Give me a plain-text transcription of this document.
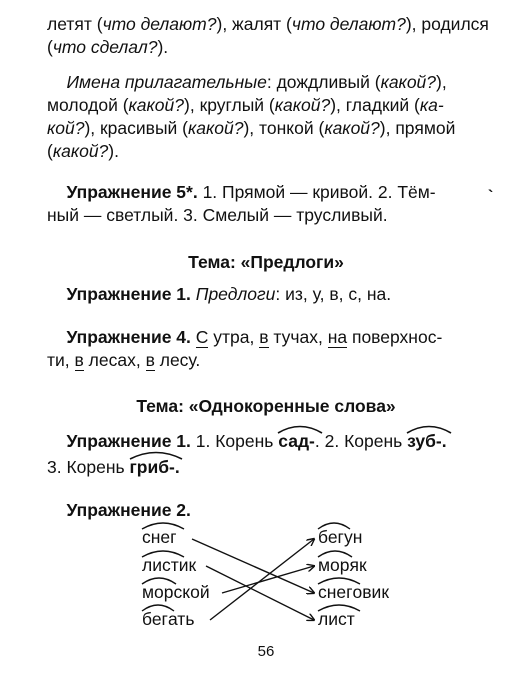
летят (что делают?), жалят (что делают?), родился
(что сделал?).
Имена прилагательные: дождливый (какой?), молодой (какой?), круглый (какой?), гладкий (ка-
кой?), красивый (какой?), тонкой (какой?), прямой
(какой?).
Упражнение 5*. 1. Прямой — кривой. 2. Тём-
ный — светлый. 3. Смелый — трусливый.
`
Тема: «Предлоги»
Упражнение 1. Предлоги: из, у, в, с, на.
Упражнение 4. С утра, в тучах, на поверхнос-
ти, в лесах, в лесу.
Тема: «Однокоренные слова»
Упражнение 1. 1. Корень
сад-. 2. Корень
зуб-.
3. Корень
гриб-.
Упражнение 2.
снег
листик
морской
бегать
бегун
моряк
снеговик
лист
56
